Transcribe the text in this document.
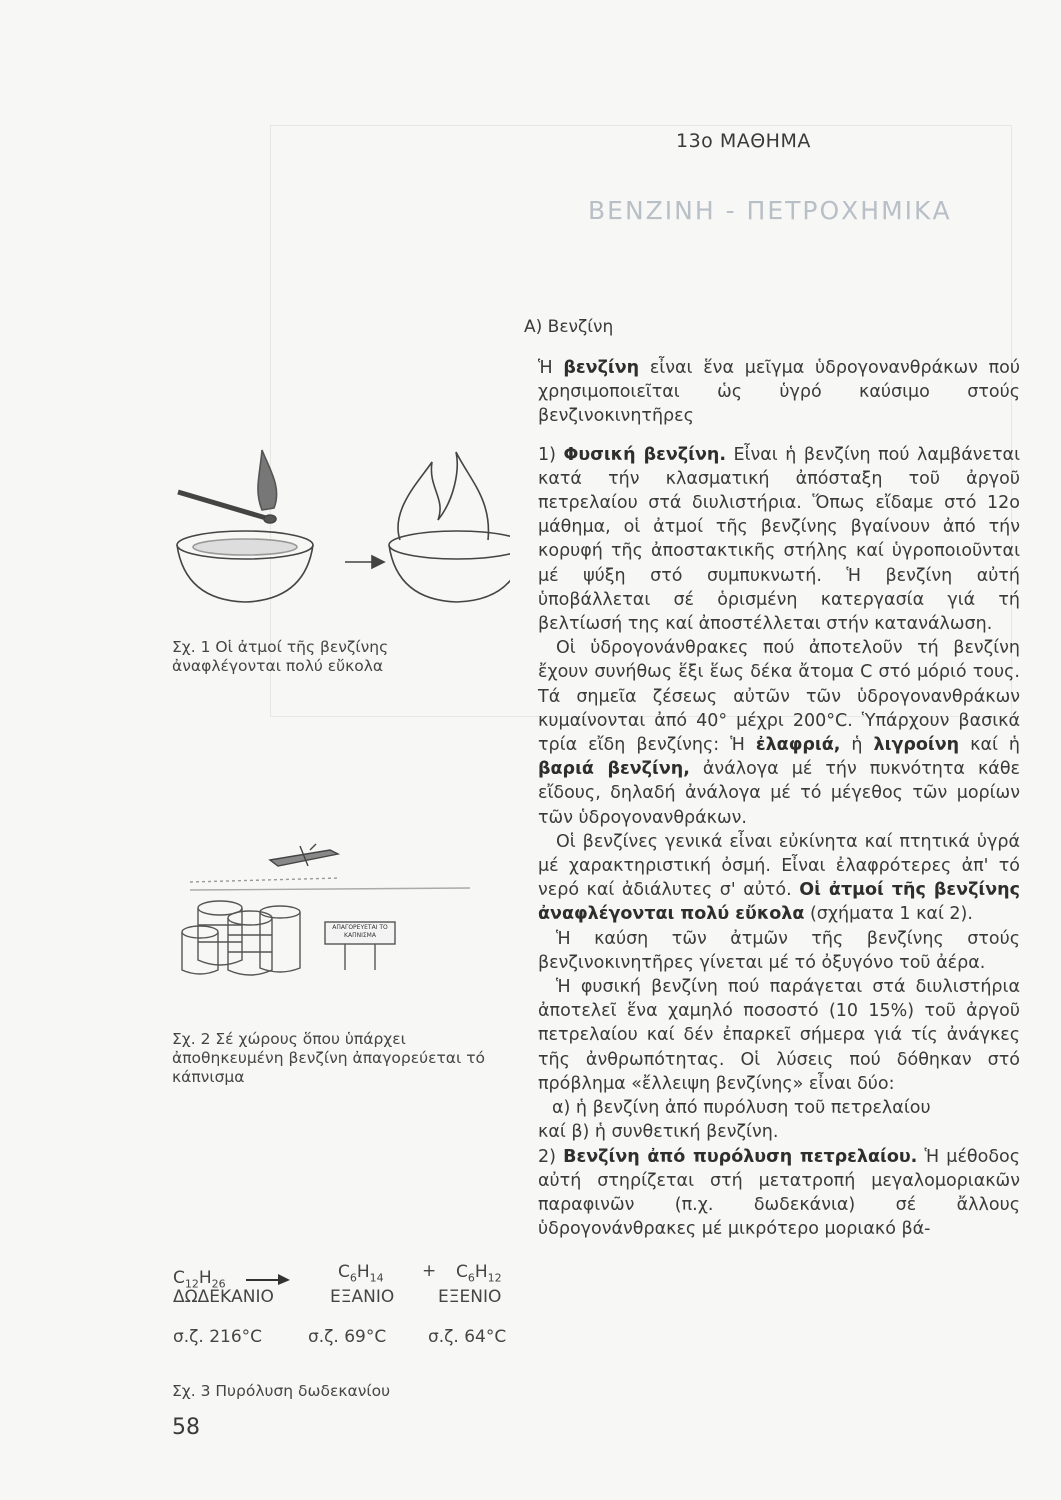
13ο ΜΑΘΗΜΑ
ΒΕΝΖΙΝΗ - ΠΕΤΡΟΧΗΜΙΚΑ
Α) Βενζίνη
Σχ. 1 Οἱ ἀτμοί τῆς βενζίνης ἀναφλέγονται πολύ εὔκολα
ΑΠΑΓΟΡΕΥΕΤΑΙ ΤΟ ΚΑΠΝΙΣΜΑ
Σχ. 2 Σέ χώρους ὅπου ὑπάρχει ἀποθηκευμένη βενζίνη ἀπαγορεύεται τό κάπνισμα
$C_{12}H_{26}$ →	$C_6H_{14} + C_6H_{12}$
ΔΩΔΕΚΑΝΙΟ	ΕΞΑΝΙΟ	ΕΞΕΝΙΟ
σ.ζ. 216°C	σ.ζ. 69°C σ.ζ. 64°C
Σχ. 3 Πυρόλυση δωδεκανίου
58

Ἡ βενζίνη εἶναι ἕνα μεῖγμα ὑδρογονανθράκων πού χρησιμοποιεῖται ὡς ὑγρό καύσιμο στούς βενζινοκινητῆρες

1) Φυσική βενζίνη. Εἶναι ἡ βενζίνη πού λαμβάνεται κατά τήν κλασματική ἀπόσταξη τοῦ ἀργοῦ πετρελαίου στά διυλιστήρια. Ὅπως εἴδαμε στό 12ο μάθημα, οἱ ἀτμοί τῆς βενζίνης βγαίνουν ἀπό τήν κορυφή τῆς ἀποστακτικῆς στήλης καί ὑγροποιοῦνται μέ ψύξη στό συμπυκνωτή. Ἡ βενζίνη αὐτή ὑποβάλλεται σέ ὁρισμένη κατεργασία γιά τή βελτίωσή της καί ἀποστέλλεται στήν κατανάλωση.

Οἱ ὑδρογονάνθρακες πού ἀποτελοῦν τή βενζίνη ἔχουν συνήθως ἕξι ἕως δέκα ἄτομα C στό μόριό τους. Τά σημεῖα ζέσεως αὐτῶν τῶν ὑδρογονανθράκων κυμαίνονται ἀπό 40° μέχρι 200°C. Ὑπάρχουν βασικά τρία εἴδη βενζίνης: Ἡ ἐλαφριά, ἡ λιγροίνη καί ἡ βαριά βενζίνη, ἀνάλογα μέ τήν πυκνότητα κάθε εἴδους, δηλαδή ἀνάλογα μέ τό μέγεθος τῶν μορίων τῶν ὑδρογονανθράκων.

Οἱ βενζίνες γενικά εἶναι εὐκίνητα καί πτητικά ὑγρά μέ χαρακτηριστική ὀσμή. Εἶναι ἐλαφρότερες ἀπ' τό νερό καί ἀδιάλυτες σ' αὐτό. Οἱ ἀτμοί τῆς βενζίνης ἀναφλέγονται πολύ εὔκολα (σχήματα 1 καί 2).

Ἡ καύση τῶν ἀτμῶν τῆς βενζίνης στούς βενζινοκινητῆρες γίνεται μέ τό ὀξυγόνο τοῦ ἀέρα.

Ἡ φυσική βενζίνη πού παράγεται στά διυλιστήρια ἀποτελεῖ ἕνα χαμηλό ποσοστό (10 15%) τοῦ ἀργοῦ πετρελαίου καί δέν ἐπαρκεῖ σήμερα γιά τίς ἀνάγκες τῆς ἀνθρωπότητας. Οἱ λύσεις πού δόθηκαν στό πρόβλημα «ἔλλειψη βενζίνης» εἶναι δύο:

α) ἡ βενζίνη ἀπό πυρόλυση τοῦ πετρελαίου

καί β) ἡ συνθετική βενζίνη.

2) Βενζίνη ἀπό πυρόλυση πετρελαίου. Ἡ μέθοδος αὐτή στηρίζεται στή μετατροπή μεγαλομοριακῶν παραφινῶν (π.χ. δωδεκάνια) σέ ἄλλους ὑδρογονάνθρακες μέ μικρότερο μοριακό βά-
